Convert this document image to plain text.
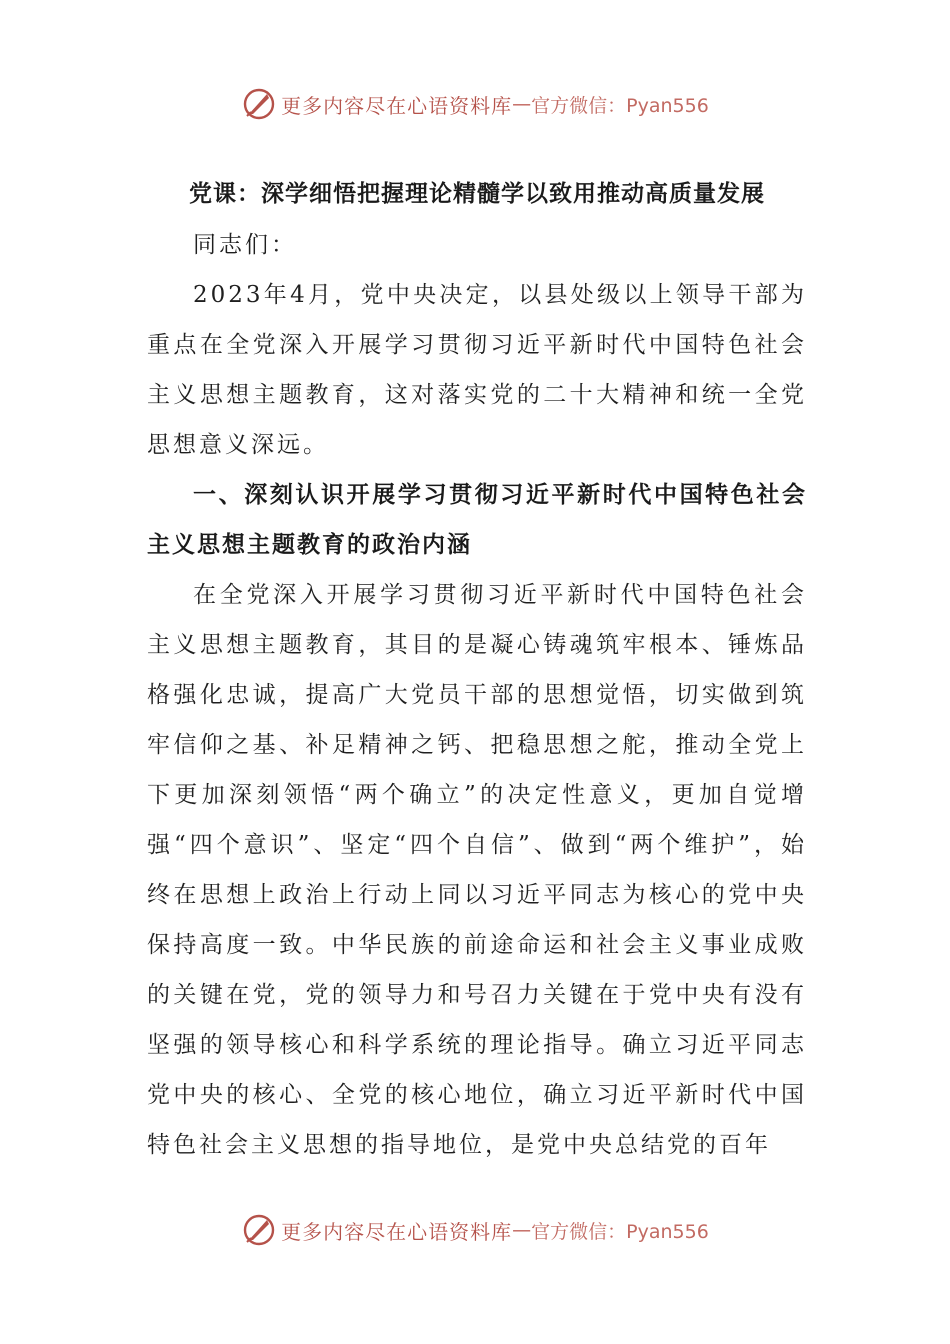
更多内容尽在心语资料库 — 官方微信：Pyan556
党课：深学细悟把握理论精髓学以致用推动高质量发展

同志们：

2023年4月，党中央决定，以县处级以上领导干部为重点在全党深入开展学习贯彻习近平新时代中国特色社会主义思想主题教育，这对落实党的二十大精神和统一全党思想意义深远。

一、深刻认识开展学习贯彻习近平新时代中国特色社会主义思想主题教育的政治内涵

在全党深入开展学习贯彻习近平新时代中国特色社会主义思想主题教育，其目的是凝心铸魂筑牢根本、锤炼品格强化忠诚，提高广大党员干部的思想觉悟，切实做到筑牢信仰之基、补足精神之钙、把稳思想之舵，推动全党上下更加深刻领悟“两个确立”的决定性意义，更加自觉增强“四个意识”、坚定“四个自信”、做到“两个维护”，始终在思想上政治上行动上同以习近平同志为核心的党中央保持高度一致。中华民族的前途命运和社会主义事业成败的关键在党，党的领导力和号召力关键在于党中央有没有坚强的领导核心和科学系统的理论指导。确立习近平同志党中央的核心、全党的核心地位，确立习近平新时代中国特色社会主义思想的指导地位，是党中央总结党的百年

更多内容尽在心语资料库 — 官方微信：Pyan556
